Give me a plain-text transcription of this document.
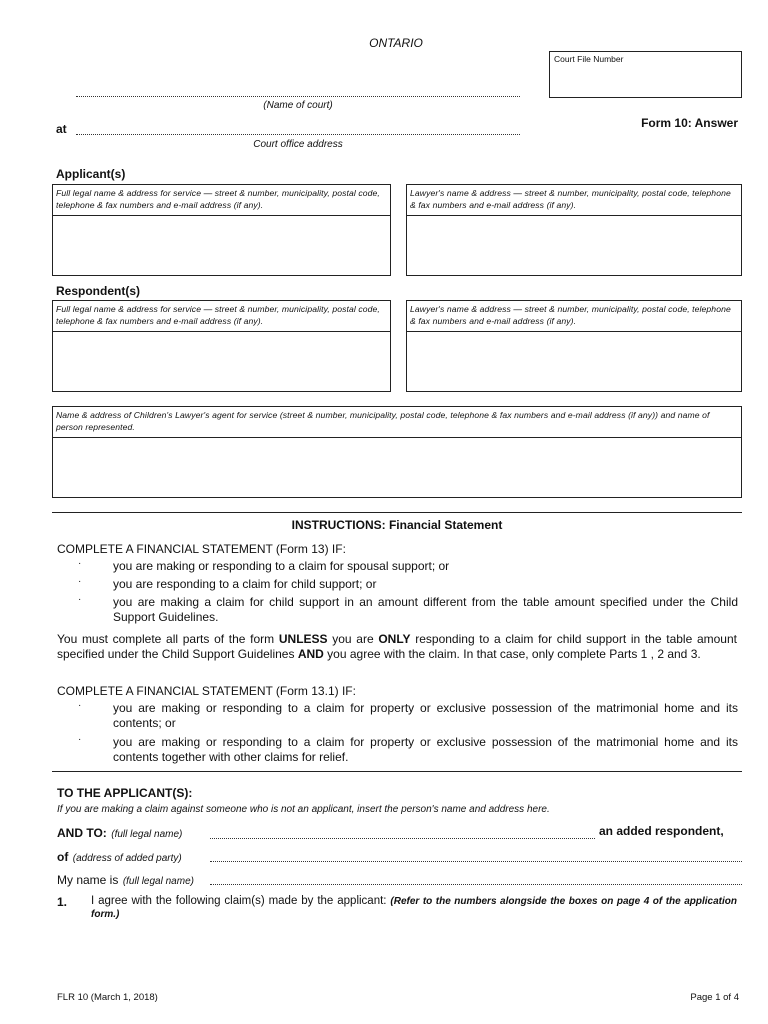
ONTARIO
Court File Number
(Name of court)
at
Court office address
Form 10: Answer
Applicant(s)
Full legal name & address for service — street & number, municipality, postal code, telephone & fax numbers and e-mail address (if any).
Lawyer's name & address — street & number, municipality, postal code, telephone & fax numbers and e-mail address (if any).
Respondent(s)
Full legal name & address for service — street & number, municipality, postal code, telephone & fax numbers and e-mail address (if any).
Lawyer's name & address — street & number, municipality, postal code, telephone & fax numbers and e-mail address (if any).
Name & address of Children's Lawyer's agent for service (street & number, municipality, postal code, telephone & fax numbers and e-mail address (if any)) and name of person represented.
INSTRUCTIONS: Financial Statement
COMPLETE A FINANCIAL STATEMENT (Form 13) IF:
·	you are making or responding to a claim for spousal support; or
·	you are responding to a claim for child support; or
·	you are making a claim for child support in an amount different from the table amount specified under the Child Support Guidelines.
You must complete all parts of the form UNLESS you are ONLY responding to a claim for child support in the table amount specified under the Child Support Guidelines AND you agree with the claim. In that case, only complete Parts 1 , 2 and 3.
COMPLETE A FINANCIAL STATEMENT (Form 13.1) IF:
·	you are making or responding to a claim for property or exclusive possession of the matrimonial home and its contents; or
·	you are making or responding to a claim for property or exclusive possession of the matrimonial home and its contents together with other claims for relief.
TO THE APPLICANT(S):
If you are making a claim against someone who is not an applicant, insert the person's name and address here.
AND TO: (full legal name)	an added respondent,
of (address of added party)
My name is (full legal name)
1. I agree with the following claim(s) made by the applicant: (Refer to the numbers alongside the boxes on page 4 of the application form.)
FLR 10 (March 1, 2018)	Page 1 of 4
